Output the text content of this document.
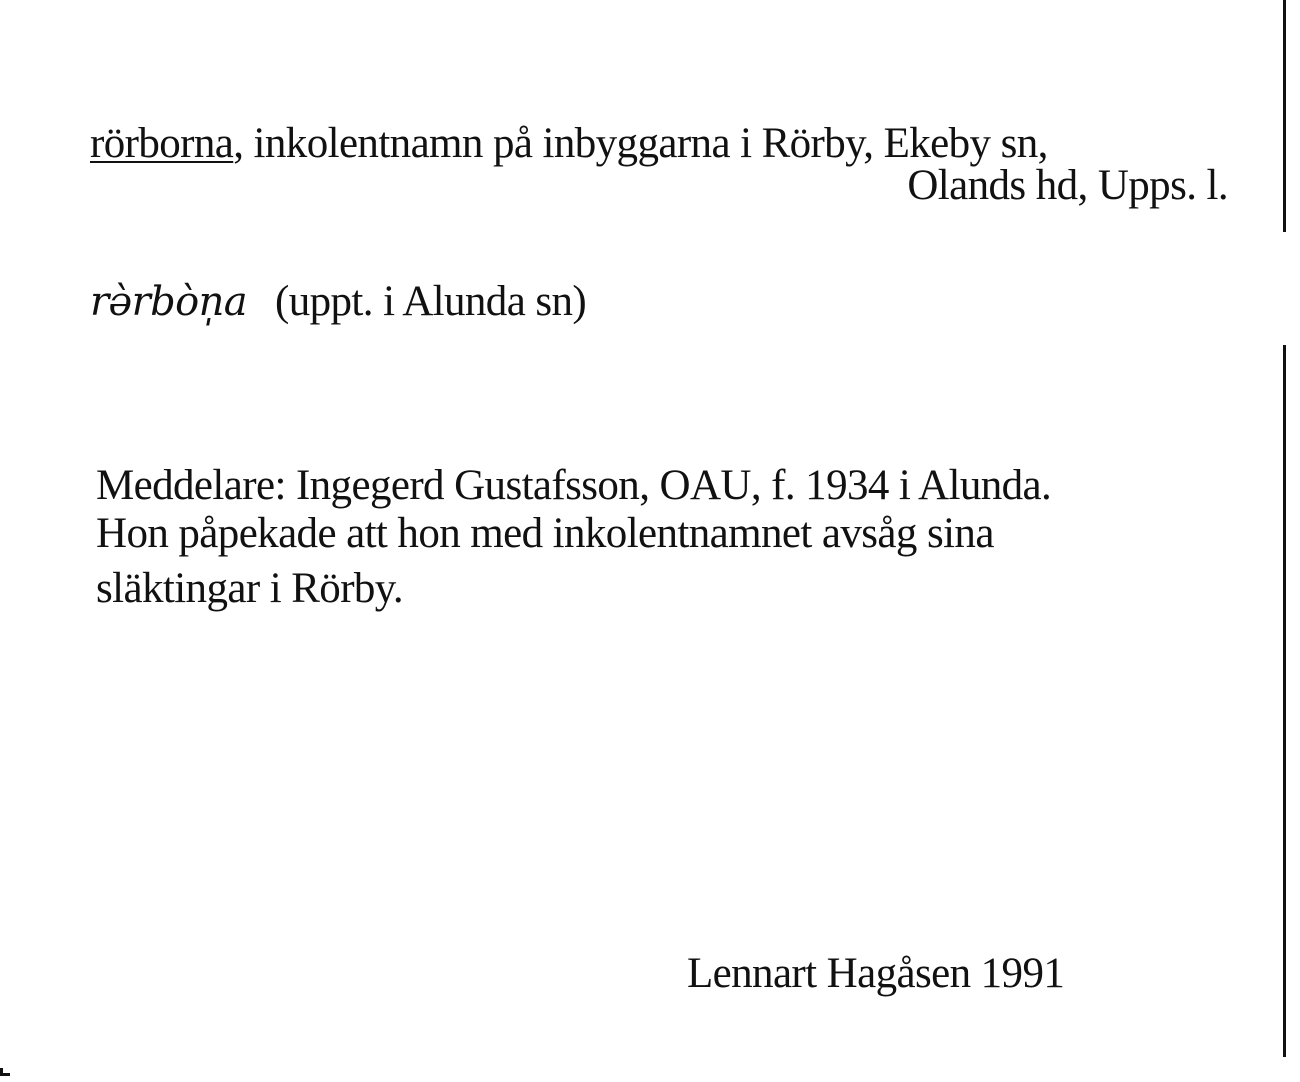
rörborna, inkolentnamn på inbyggarna i Rörby, Ekeby sn,
Olands hd, Upps. l.
rə̀rbòn̩a (uppt. i Alunda sn)
Meddelare: Ingegerd Gustafsson, OAU, f. 1934 i Alunda.
Hon påpekade att hon med inkolentnamnet avsåg sina
släktingar i Rörby.
Lennart Hagåsen 1991
